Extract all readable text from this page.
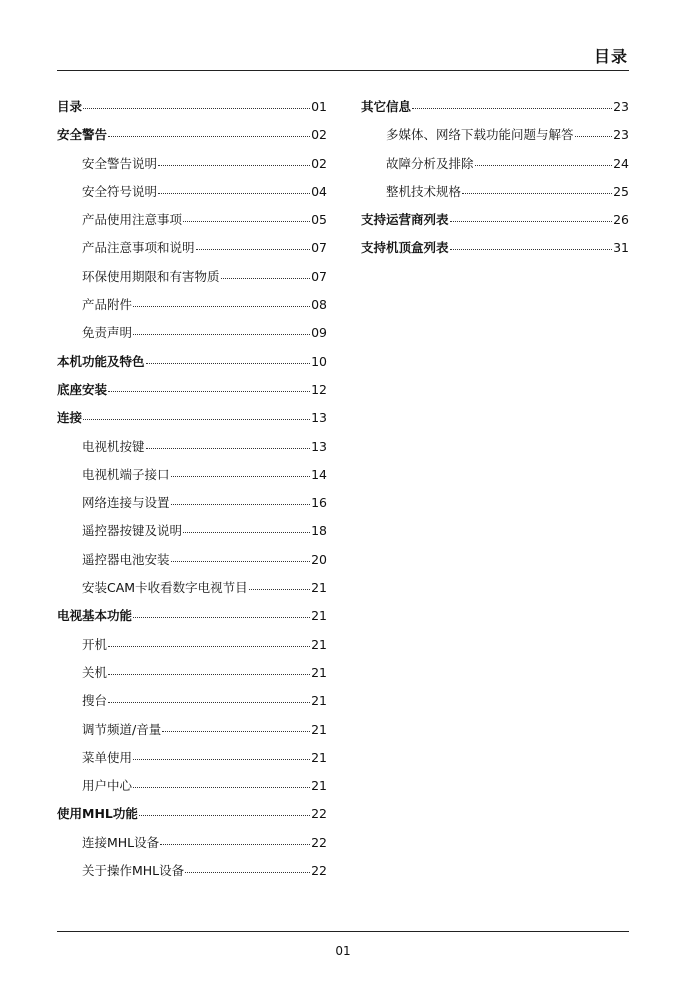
目录
目录	01
安全警告	02
安全警告说明	02
安全符号说明	04
产品使用注意事项	05
产品注意事项和说明	07
环保使用期限和有害物质	07
产品附件	08
免责声明	09
本机功能及特色	10
底座安装	12
连接	13
电视机按键	13
电视机端子接口	14
网络连接与设置	16
遥控器按键及说明	18
遥控器电池安装	20
安装CAM卡收看数字电视节目	21
电视基本功能	21
开机	21
关机	21
搜台	21
调节频道/音量	21
菜单使用	21
用户中心	21
使用MHL功能	22
连接MHL设备	22
关于操作MHL设备	22
其它信息	23
多媒体、网络下载功能问题与解答	23
故障分析及排除	24
整机技术规格	25
支持运营商列表	26
支持机顶盒列表	31
01
